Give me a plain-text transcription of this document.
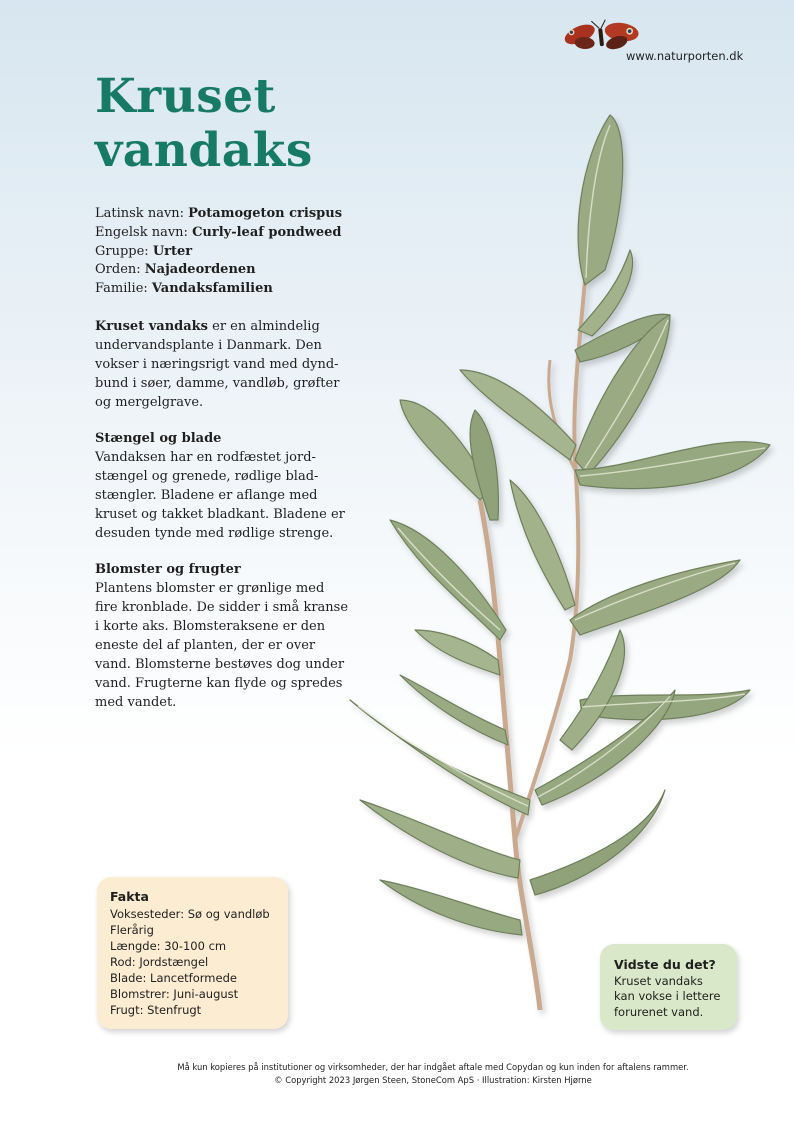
www.naturporten.dk
Kruset
vandaks
Latinsk navn: Potamogeton crispus
Engelsk navn: Curly-leaf pondweed
Gruppe: Urter
Orden: Najadeordenen
Familie: Vandaksfamilien
Kruset vandaks er en almindelig
undervandsplante i Danmark. Den
vokser i næringsrigt vand med dynd-
bund i søer, damme, vandløb, grøfter
og mergelgrave.
Stængel og blade
Vandaksen har en rodfæstet jord-
stængel og grenede, rødlige blad-
stængler. Bladene er aflange med
kruset og takket bladkant. Bladene er
desuden tynde med rødlige strenge.
Blomster og frugter
Plantens blomster er grønlige med
fire kronblade. De sidder i små kranse
i korte aks. Blomsteraksene er den
eneste del af planten, der er over
vand. Blomsterne bestøves dog under
vand. Frugterne kan flyde og spredes
med vandet.
Fakta
Voksesteder: Sø og vandløb
Flerårig
Længde: 30-100 cm
Rod: Jordstængel
Blade: Lancetformede
Blomstrer: Juni-august
Frugt: Stenfrugt
Vidste du det?
Kruset vandaks
kan vokse i lettere
forurenet vand.
Må kun kopieres på institutioner og virksomheder, der har indgået aftale med Copydan og kun inden for aftalens rammer.
© Copyright 2023 Jørgen Steen, StoneCom ApS · Illustration: Kirsten Hjørne
